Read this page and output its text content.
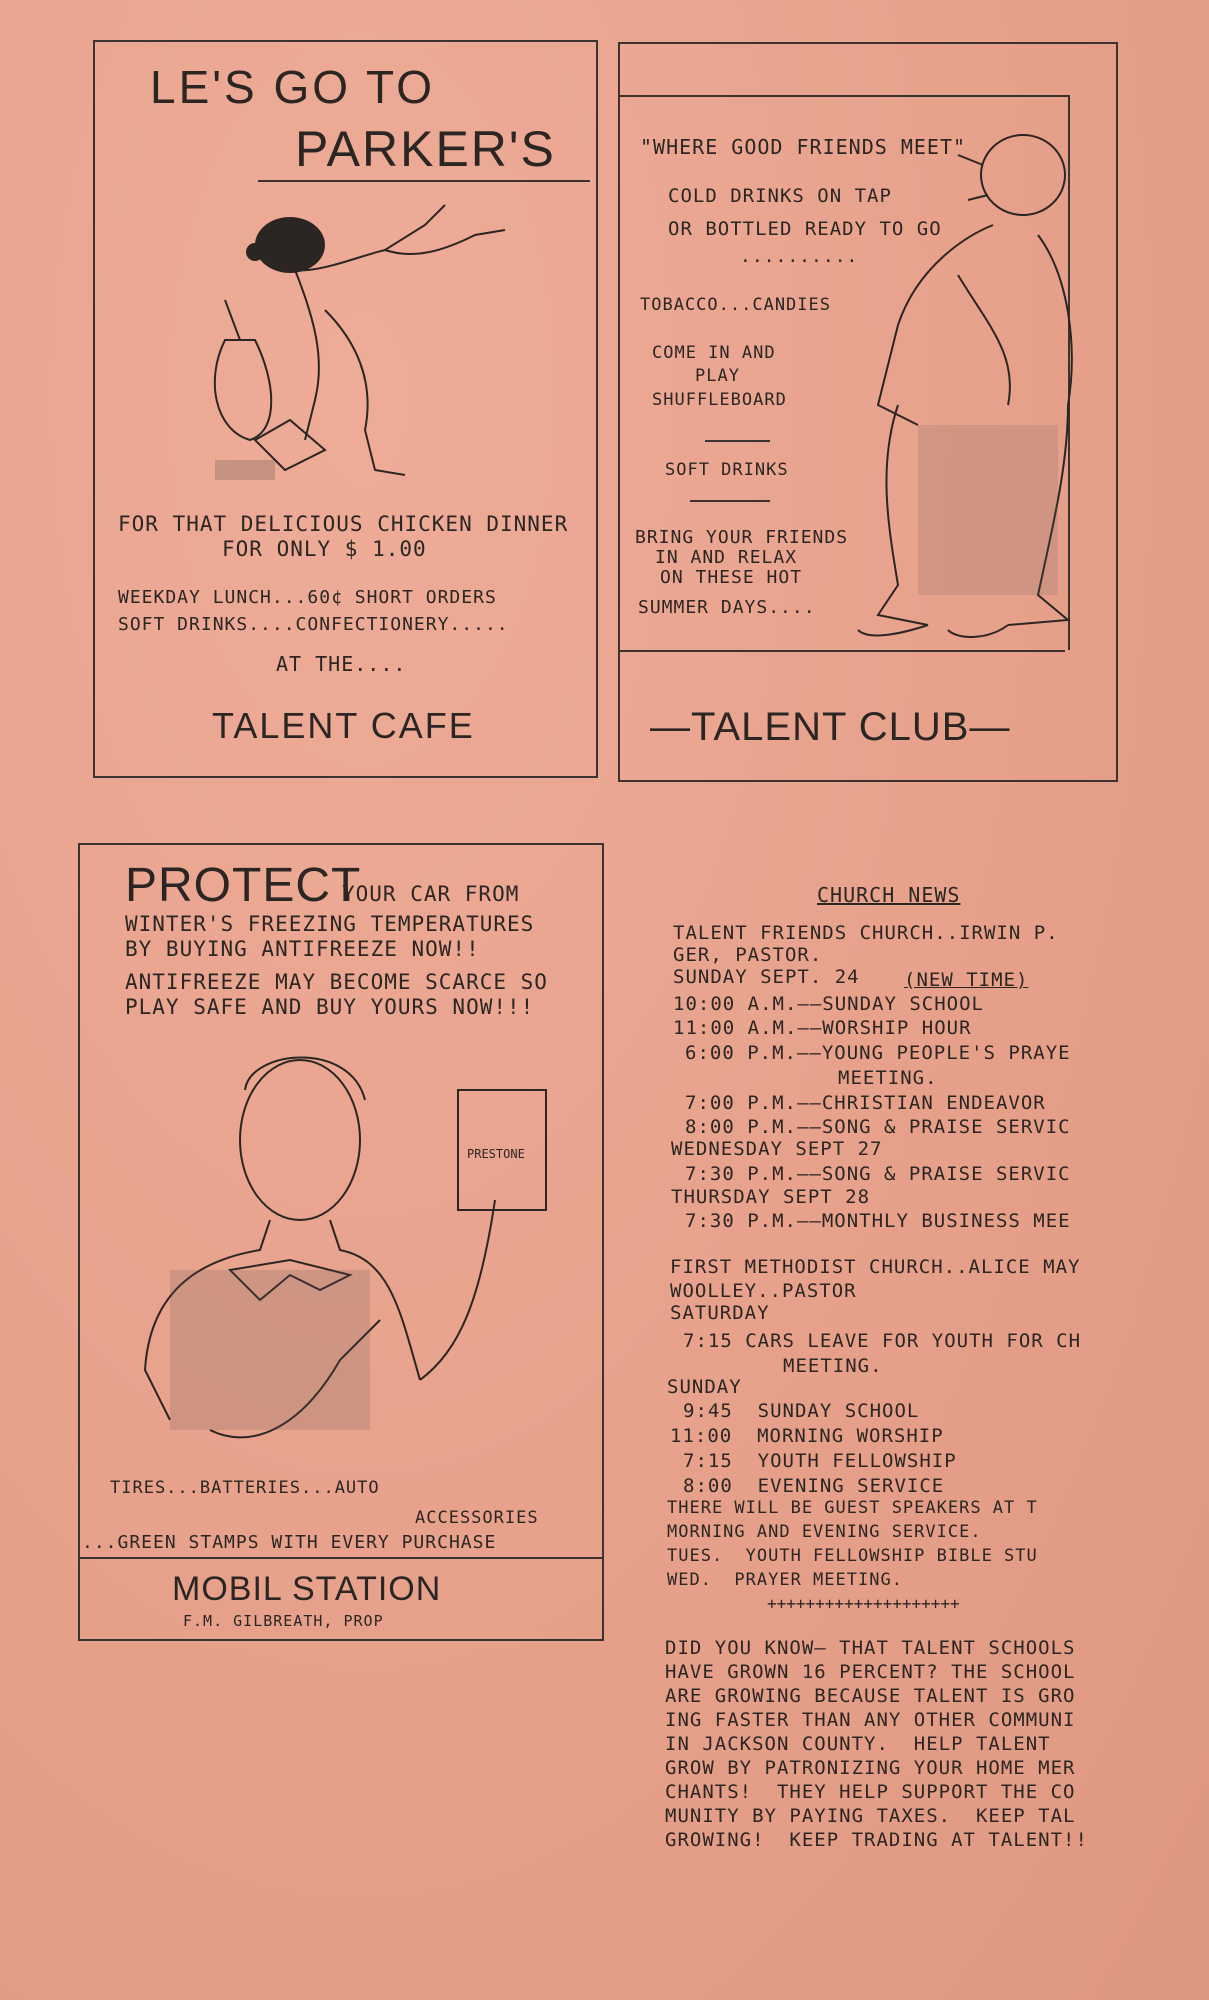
LE'S GO TO
PARKER'S
FOR THAT DELICIOUS CHICKEN DINNER
FOR ONLY $ 1.00
WEEKDAY LUNCH...60¢ SHORT ORDERS
SOFT DRINKS....CONFECTIONERY.....
AT THE....
TALENT CAFE
"WHERE GOOD FRIENDS MEET"
COLD DRINKS ON TAP
OR BOTTLED READY TO GO
..........
TOBACCO...CANDIES
COME IN AND
PLAY
SHUFFLEBOARD
SOFT DRINKS
BRING YOUR FRIENDS
IN AND RELAX
ON THESE HOT
SUMMER DAYS....
—TALENT CLUB—
PROTECT
YOUR CAR FROM
WINTER'S FREEZING TEMPERATURES
BY BUYING ANTIFREEZE NOW!!
ANTIFREEZE MAY BECOME SCARCE SO
PLAY SAFE AND BUY YOURS NOW!!!
PRESTONE
TIRES...BATTERIES...AUTO
ACCESSORIES
...GREEN STAMPS WITH EVERY PURCHASE
MOBIL STATION
F.M. GILBREATH, PROP
CHURCH NEWS
TALENT FRIENDS CHURCH..IRWIN P.
GER, PASTOR.
SUNDAY SEPT. 24 (NEW TIME)
10:00 A.M.——SUNDAY SCHOOL
11:00 A.M.——WORSHIP HOUR
6:00 P.M.——YOUNG PEOPLE'S PRAYE
MEETING.
7:00 P.M.——CHRISTIAN ENDEAVOR
8:00 P.M.——SONG & PRAISE SERVIC
WEDNESDAY SEPT 27
7:30 P.M.——SONG & PRAISE SERVIC
THURSDAY SEPT 28
7:30 P.M.——MONTHLY BUSINESS MEE
FIRST METHODIST CHURCH..ALICE MAY
WOOLLEY..PASTOR
SATURDAY
7:15 CARS LEAVE FOR YOUTH FOR CH
MEETING.
SUNDAY
9:45  SUNDAY SCHOOL
11:00  MORNING WORSHIP
7:15  YOUTH FELLOWSHIP
8:00  EVENING SERVICE
THERE WILL BE GUEST SPEAKERS AT T
MORNING AND EVENING SERVICE.
TUES.  YOUTH FELLOWSHIP BIBLE STU
WED.  PRAYER MEETING.
++++++++++++++++++++
DID YOU KNOW— THAT TALENT SCHOOLS
HAVE GROWN 16 PERCENT? THE SCHOOL
ARE GROWING BECAUSE TALENT IS GRO
ING FASTER THAN ANY OTHER COMMUNI
IN JACKSON COUNTY.  HELP TALENT
GROW BY PATRONIZING YOUR HOME MER
CHANTS!  THEY HELP SUPPORT THE CO
MUNITY BY PAYING TAXES.  KEEP TAL
GROWING!  KEEP TRADING AT TALENT!!
